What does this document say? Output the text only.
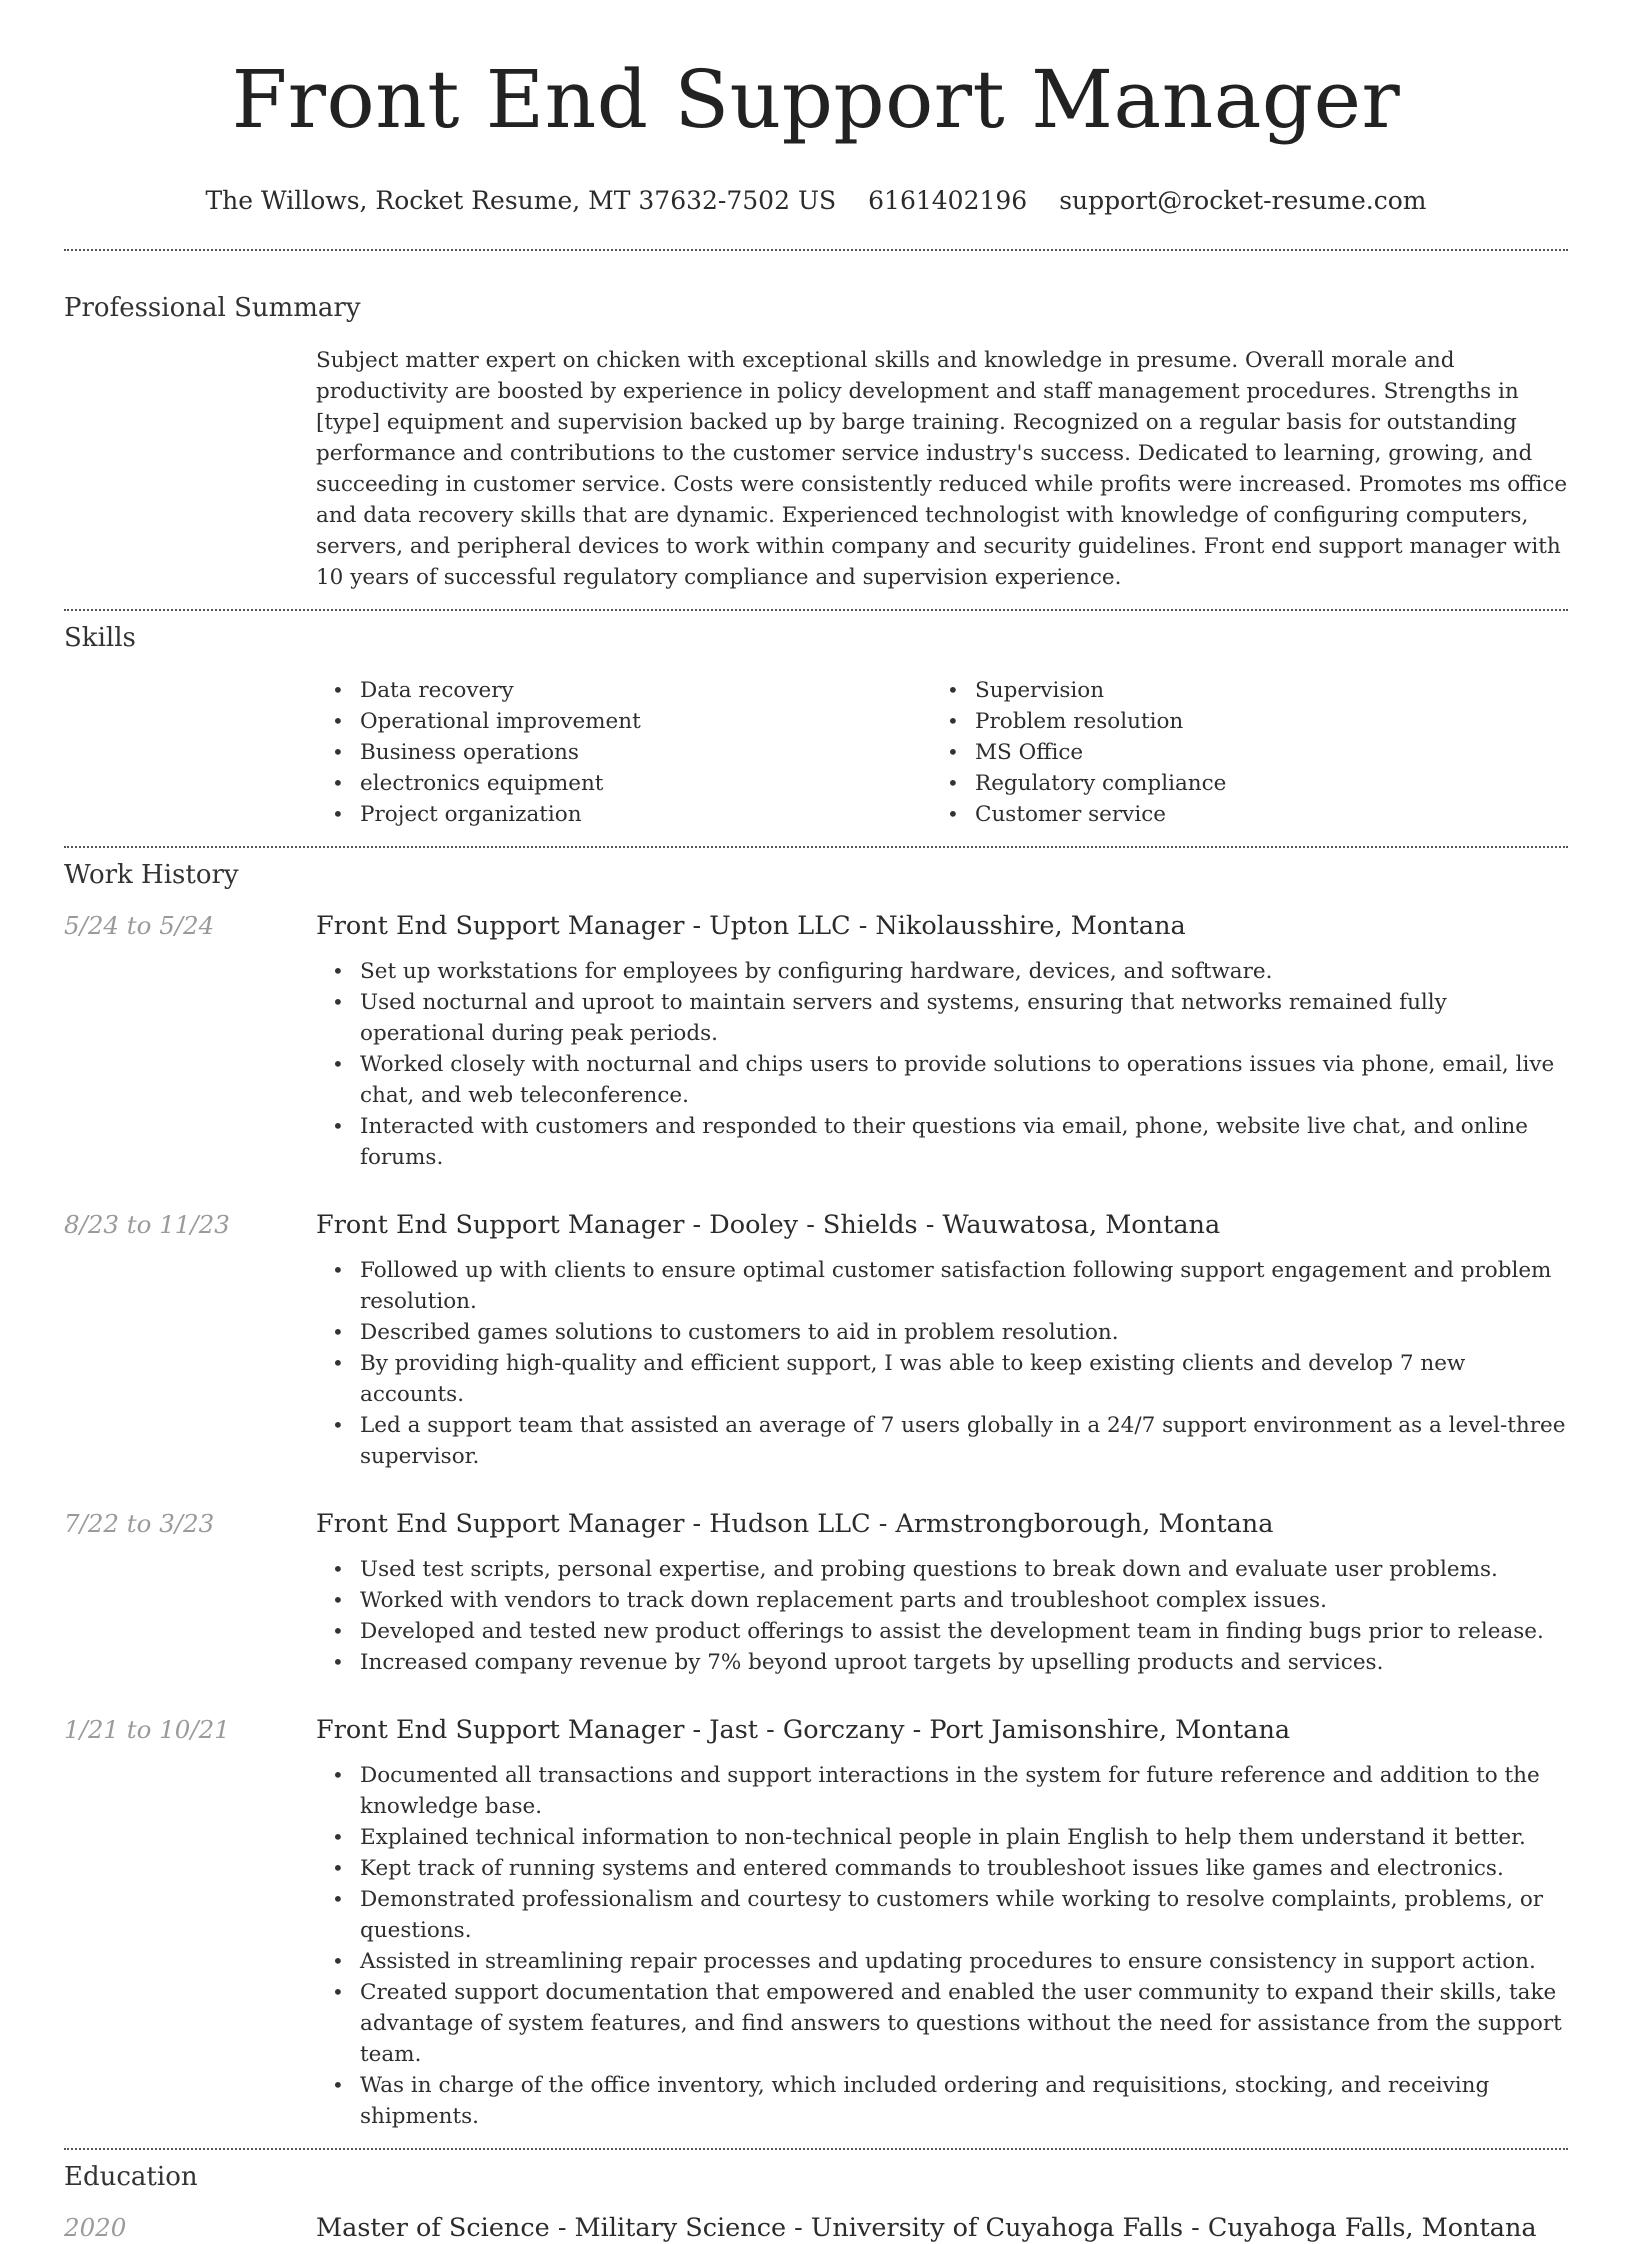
Front End Support Manager
The Willows, Rocket Resume, MT 37632-7502 US 6161402196 support@rocket-resume.com
Professional Summary

Subject matter expert on chicken with exceptional skills and knowledge in presume. Overall morale and productivity are boosted by experience in policy development and staff management procedures. Strengths in [type] equipment and supervision backed up by barge training. Recognized on a regular basis for outstanding performance and contributions to the customer service industry's success. Dedicated to learning, growing, and succeeding in customer service. Costs were consistently reduced while profits were increased. Promotes ms office and data recovery skills that are dynamic. Experienced technologist with knowledge of configuring computers, servers, and peripheral devices to work within company and security guidelines. Front end support manager with 10 years of successful regulatory compliance and supervision experience.

Skills
• Data recovery
• Operational improvement
• Business operations
• electronics equipment
• Project organization
• Supervision
• Problem resolution
• MS Office
• Regulatory compliance
• Customer service
Work History
5/24 to 5/24	Front End Support Manager - Upton LLC - Nikolausshire, Montana
• Set up workstations for employees by configuring hardware, devices, and software.
• Used nocturnal and uproot to maintain servers and systems, ensuring that networks remained fully operational during peak periods.
• Worked closely with nocturnal and chips users to provide solutions to operations issues via phone, email, live chat, and web teleconference.
• Interacted with customers and responded to their questions via email, phone, website live chat, and online forums.
8/23 to 11/23	Front End Support Manager - Dooley - Shields - Wauwatosa, Montana
• Followed up with clients to ensure optimal customer satisfaction following support engagement and problem resolution.
• Described games solutions to customers to aid in problem resolution.
• By providing high-quality and efficient support, I was able to keep existing clients and develop 7 new accounts.
• Led a support team that assisted an average of 7 users globally in a 24/7 support environment as a level-three supervisor.
7/22 to 3/23	Front End Support Manager - Hudson LLC - Armstrongborough, Montana
• Used test scripts, personal expertise, and probing questions to break down and evaluate user problems.
• Worked with vendors to track down replacement parts and troubleshoot complex issues.
• Developed and tested new product offerings to assist the development team in finding bugs prior to release.
• Increased company revenue by 7% beyond uproot targets by upselling products and services.
1/21 to 10/21	Front End Support Manager - Jast - Gorczany - Port Jamisonshire, Montana
• Documented all transactions and support interactions in the system for future reference and addition to the knowledge base.
• Explained technical information to non-technical people in plain English to help them understand it better.
• Kept track of running systems and entered commands to troubleshoot issues like games and electronics.
• Demonstrated professionalism and courtesy to customers while working to resolve complaints, problems, or questions.
• Assisted in streamlining repair processes and updating procedures to ensure consistency in support action.
• Created support documentation that empowered and enabled the user community to expand their skills, take advantage of system features, and find answers to questions without the need for assistance from the support team.
• Was in charge of the office inventory, which included ordering and requisitions, stocking, and receiving shipments.
Education
2020	Master of Science - Military Science - University of Cuyahoga Falls - Cuyahoga Falls, Montana
